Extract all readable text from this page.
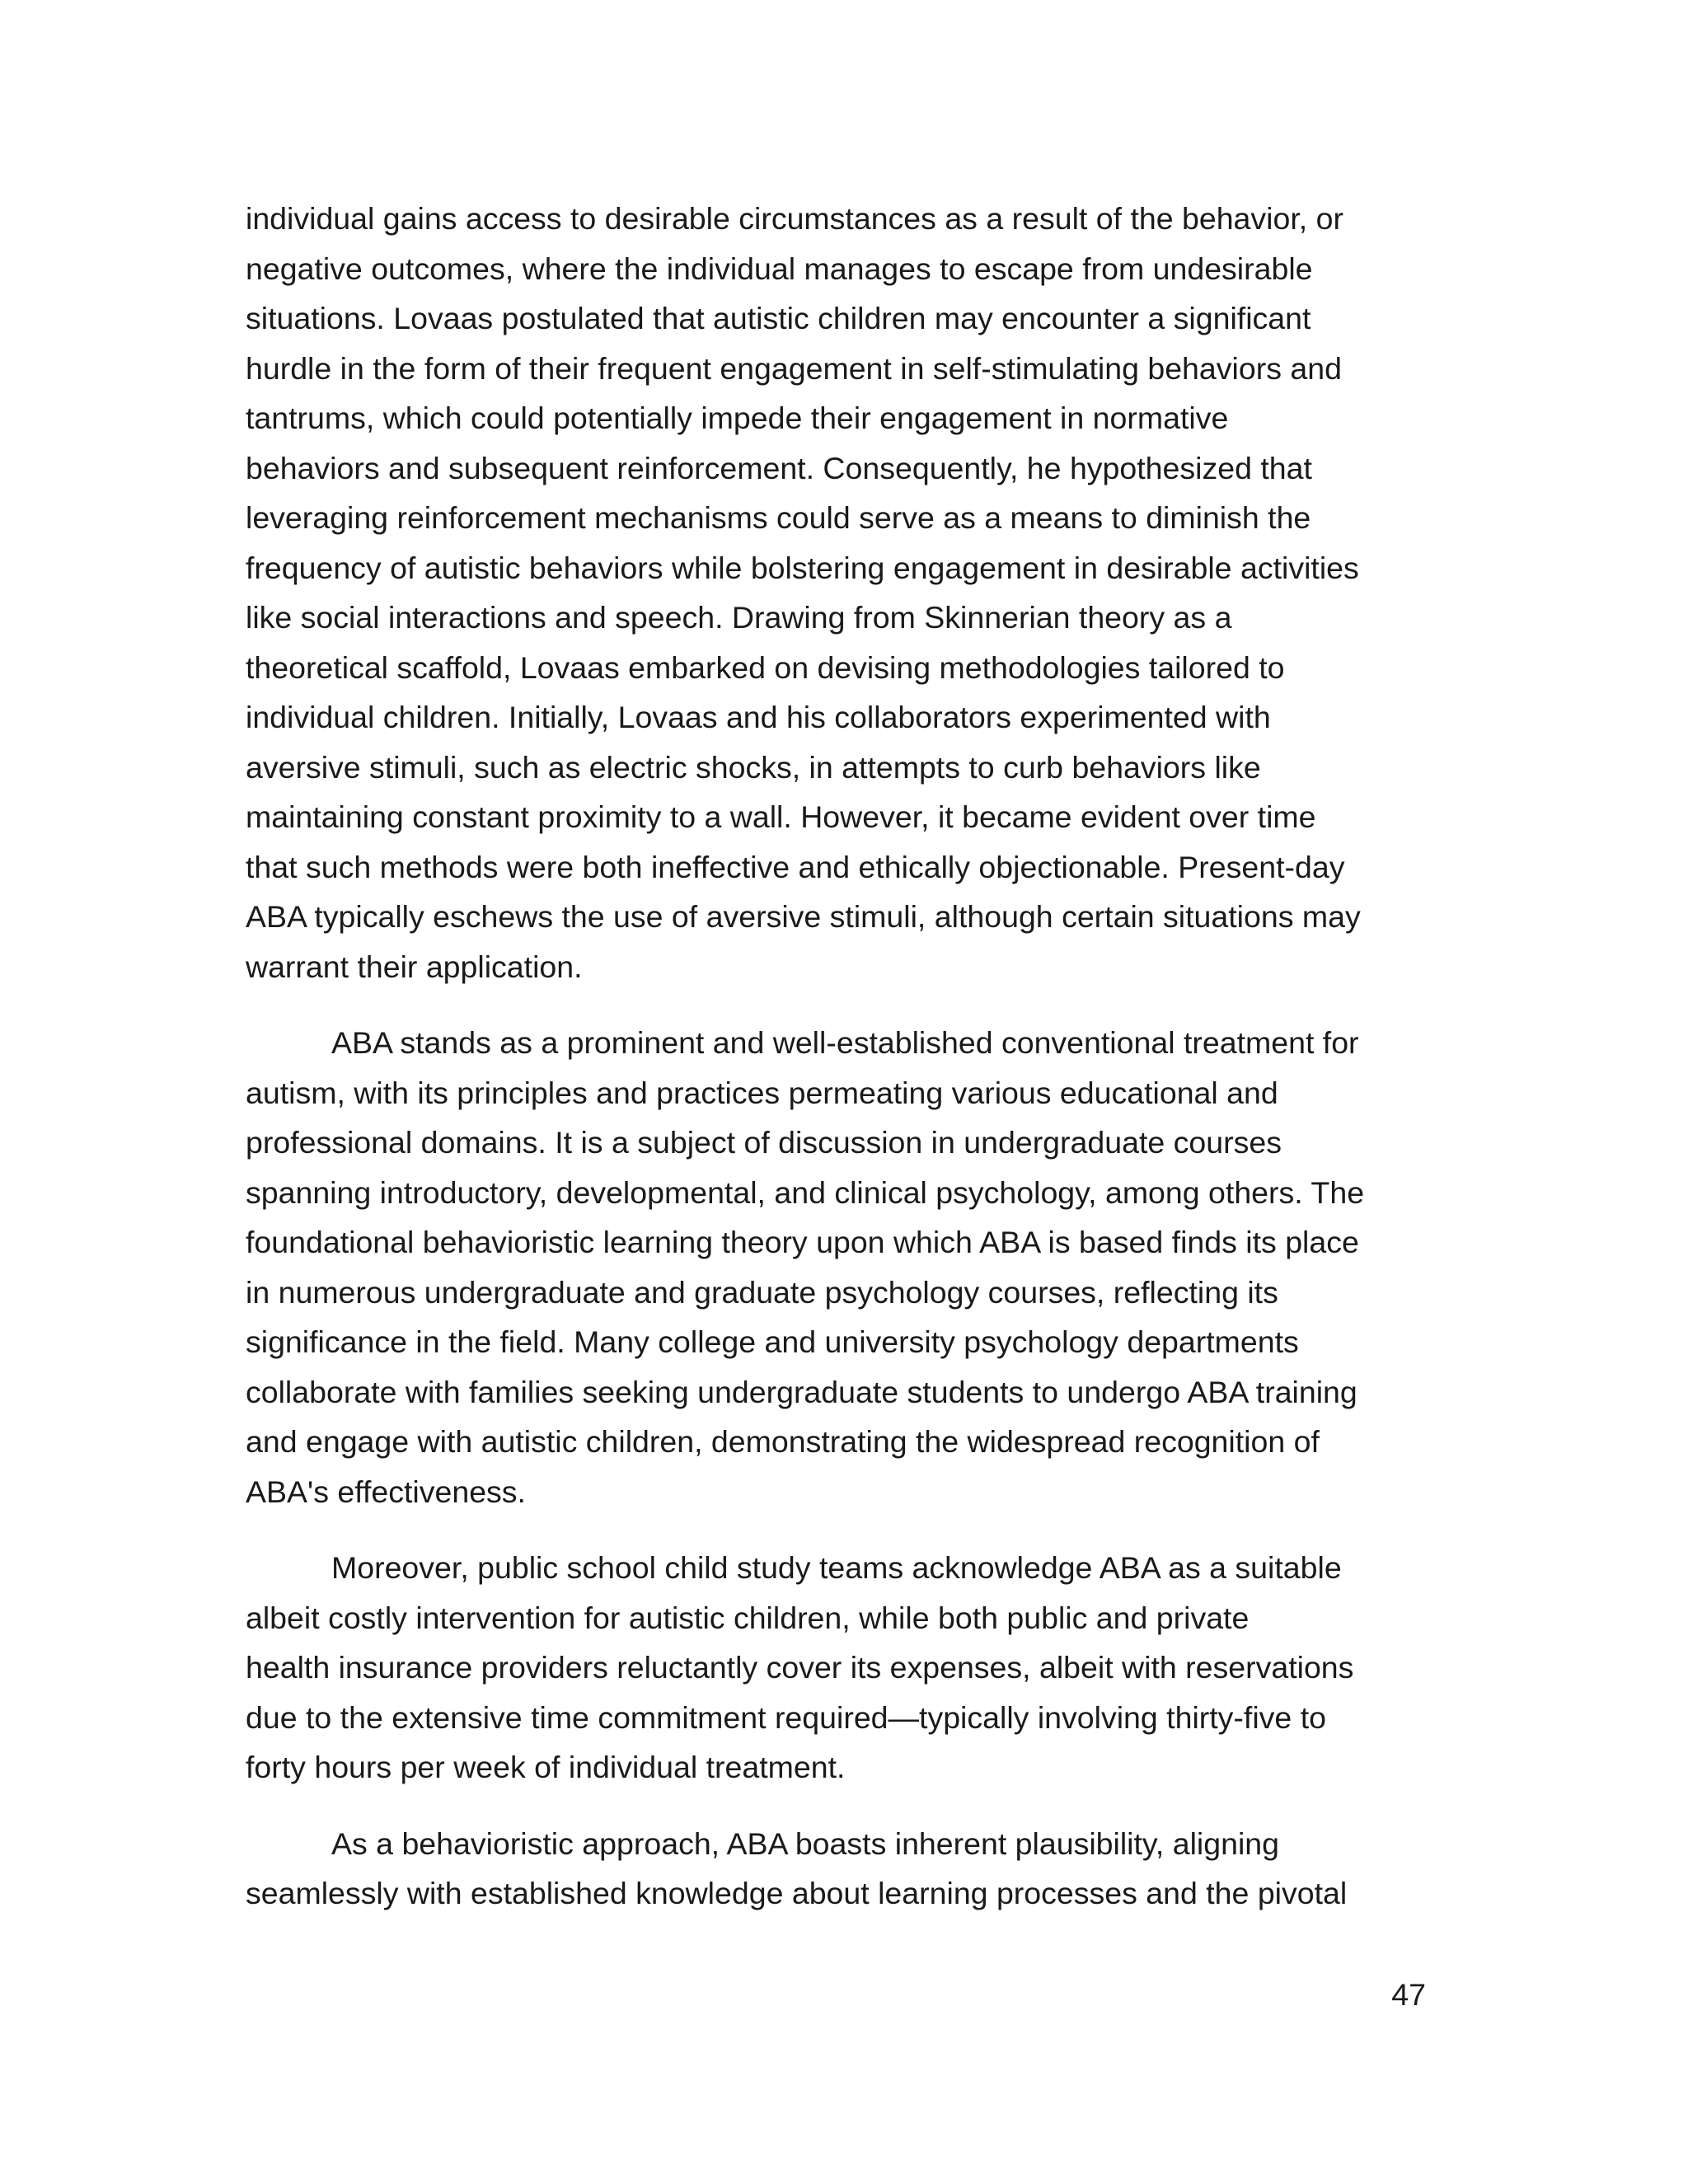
individual gains access to desirable circumstances as a result of the behavior, or
negative outcomes, where the individual manages to escape from undesirable
situations. Lovaas postulated that autistic children may encounter a significant
hurdle in the form of their frequent engagement in self-stimulating behaviors and
tantrums, which could potentially impede their engagement in normative
behaviors and subsequent reinforcement. Consequently, he hypothesized that
leveraging reinforcement mechanisms could serve as a means to diminish the
frequency of autistic behaviors while bolstering engagement in desirable activities
like social interactions and speech. Drawing from Skinnerian theory as a
theoretical scaffold, Lovaas embarked on devising methodologies tailored to
individual children. Initially, Lovaas and his collaborators experimented with
aversive stimuli, such as electric shocks, in attempts to curb behaviors like
maintaining constant proximity to a wall. However, it became evident over time
that such methods were both ineffective and ethically objectionable. Present-day
ABA typically eschews the use of aversive stimuli, although certain situations may
warrant their application.
ABA stands as a prominent and well-established conventional treatment for
autism, with its principles and practices permeating various educational and
professional domains. It is a subject of discussion in undergraduate courses
spanning introductory, developmental, and clinical psychology, among others. The
foundational behavioristic learning theory upon which ABA is based finds its place
in numerous undergraduate and graduate psychology courses, reflecting its
significance in the field. Many college and university psychology departments
collaborate with families seeking undergraduate students to undergo ABA training
and engage with autistic children, demonstrating the widespread recognition of
ABA's effectiveness.
Moreover, public school child study teams acknowledge ABA as a suitable
albeit costly intervention for autistic children, while both public and private
health insurance providers reluctantly cover its expenses, albeit with reservations
due to the extensive time commitment required—typically involving thirty-five to
forty hours per week of individual treatment.
As a behavioristic approach, ABA boasts inherent plausibility, aligning
seamlessly with established knowledge about learning processes and the pivotal
47
